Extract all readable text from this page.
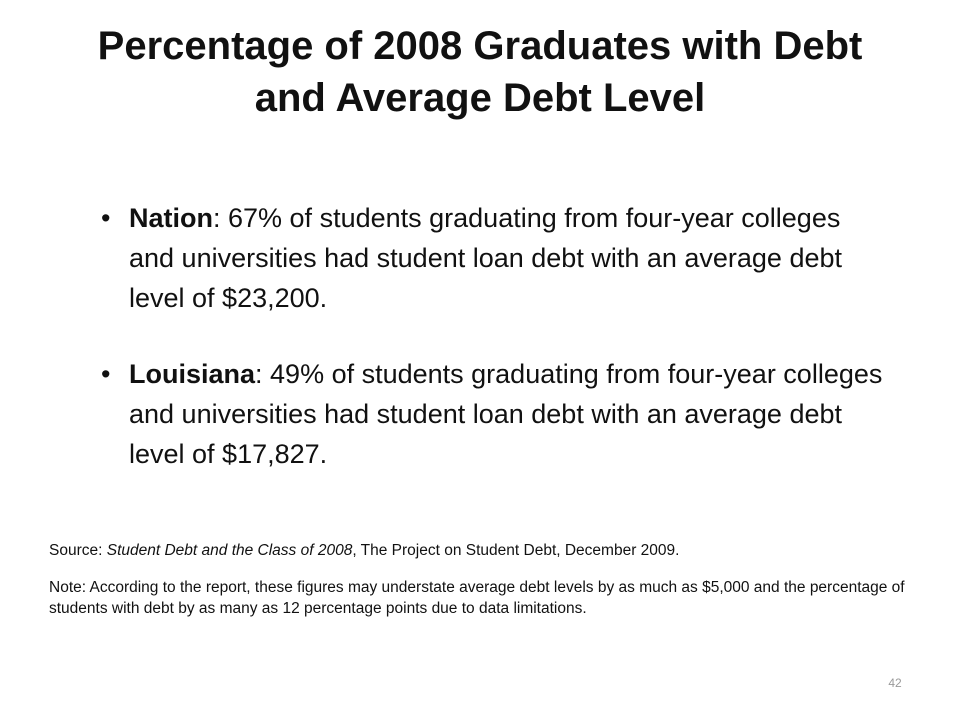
Percentage of 2008 Graduates with Debt
and Average Debt Level
• Nation: 67% of students graduating from four-year colleges and universities had student loan debt with an average debt level of $23,200.
• Louisiana: 49% of students graduating from four-year colleges and universities had student loan debt with an average debt level of $17,827.

Source: Student Debt and the Class of 2008, The Project on Student Debt, December 2009.

Note: According to the report, these figures may understate average debt levels by as much as $5,000 and the percentage of students with debt by as many as 12 percentage points due to data limitations.

42
